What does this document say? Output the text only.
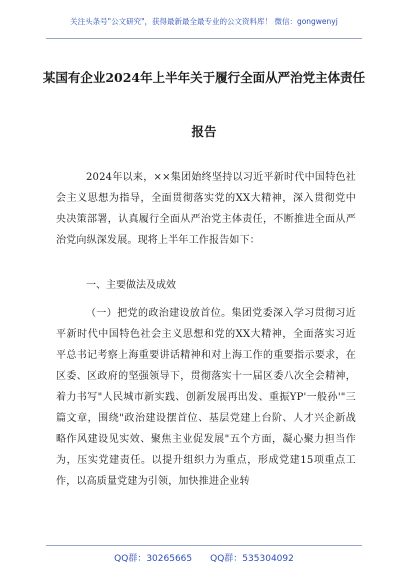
关注头条号"公文研究"，获得最新最全最专业的公文资料库！ 微信：gongwenyj
某国有企业2024年上半年关于履行全面从严治党主体责任
报告
2024年以来，××集团始终坚持以习近平新时代中国特色社会主义思想为指导，全面贯彻落实党的XX大精神，深入贯彻党中央决策部署，认真履行全面从严治党主体责任，不断推进全面从严治党向纵深发展。现将上半年工作报告如下：
一、主要做法及成效
（一）把党的政治建设放首位。集团党委深入学习贯彻习近平新时代中国特色社会主义思想和党的XX大精神，全面落实习近平总书记考察上海重要讲话精神和对上海工作的重要指示要求，在区委、区政府的坚强领导下，贯彻落实十一届区委八次全会精神，着力书写"人民城市新实践、创新发展再出发、重振YP'一般孙'"三篇文章，围绕"政治建设摆首位、基层党建上台阶、人才兴企新战略作风建设见实效、聚焦主业促发展"五个方面，凝心聚力担当作为，压实党建责任。以提升组织力为重点，形成党建15项重点工作，以高质量党建为引领，加快推进企业转
QQ群：30265665 QQ群：535304092
